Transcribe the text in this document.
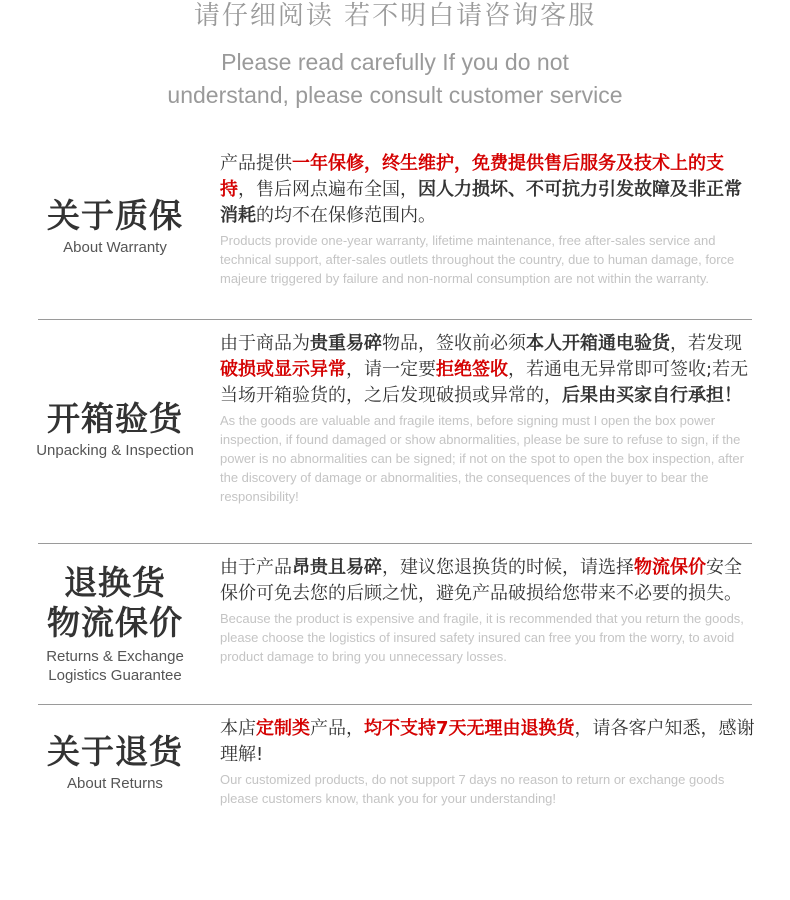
请仔细阅读 若不明白请咨询客服
Please read carefully If you do not
understand, please consult customer service
关于质保
About Warranty
产品提供一年保修，终生维护，免费提供售后服务及技术上的支持，售后网点遍布全国，因人力损坏、不可抗力引发故障及非正常消耗的均不在保修范围内。
Products provide one-year warranty, lifetime maintenance, free after-sales service and technical support, after-sales outlets throughout the country, due to human damage, force majeure triggered by failure and non-normal consumption are not within the warranty.
开箱验货
Unpacking & Inspection
由于商品为贵重易碎物品，签收前必须本人开箱通电验货，若发现破损或显示异常，请一定要拒绝签收，若通电无异常即可签收;若无当场开箱验货的，之后发现破损或异常的，后果由买家自行承担！
As the goods are valuable and fragile items, before signing must I open the box power inspection, if found damaged or show abnormalities, please be sure to refuse to sign, if the power is no abnormalities can be signed; if not on the spot to open the box inspection, after the discovery of damage or abnormalities, the consequences of the buyer to bear the responsibility!
退换货
物流保价
Returns & Exchange
Logistics Guarantee
由于产品昂贵且易碎，建议您退换货的时候，请选择物流保价安全保价可免去您的后顾之忧，避免产品破损给您带来不必要的损失。
Because the product is expensive and fragile, it is recommended that you return the goods, please choose the logistics of insured safety insured can free you from the worry, to avoid product damage to bring you unnecessary losses.
关于退货
About Returns
本店定制类产品，均不支持7天无理由退换货，请各客户知悉，感谢理解!
Our customized products, do not support 7 days no reason to return or exchange goods please customers know, thank you for your understanding!
